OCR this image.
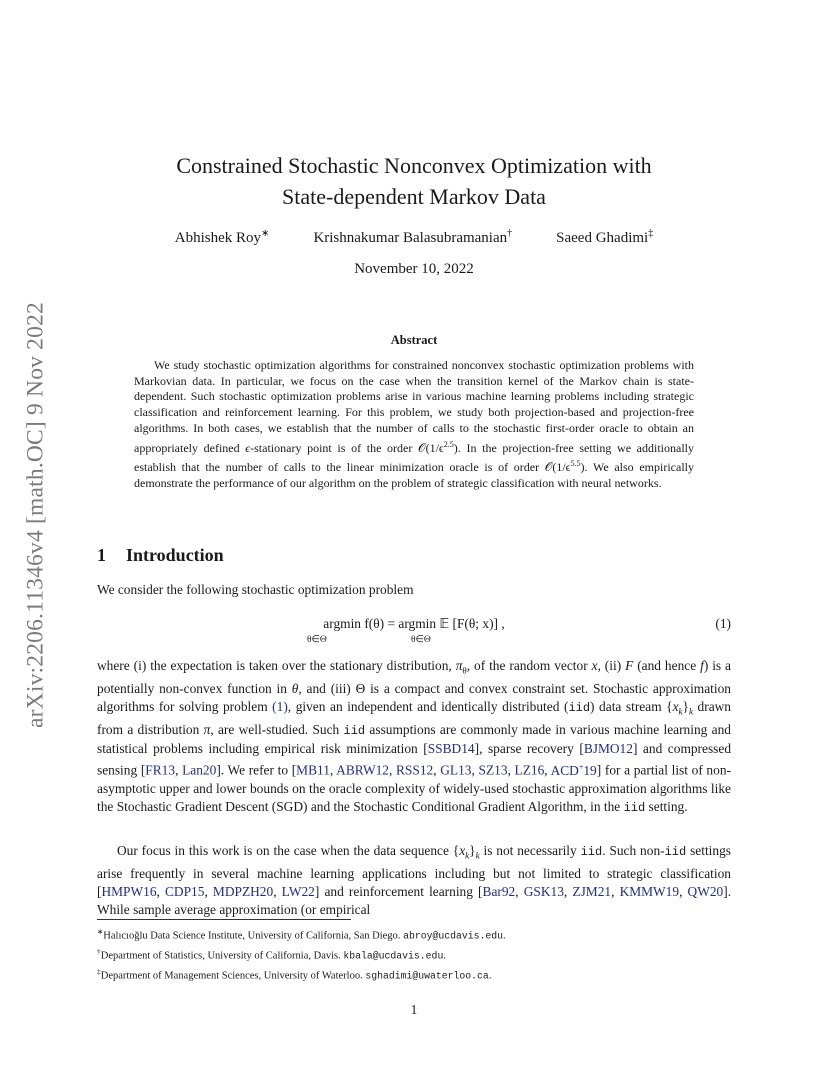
arXiv:2206.11346v4 [math.OC] 9 Nov 2022
Constrained Stochastic Nonconvex Optimization with
State-dependent Markov Data
Abhishek Roy∗	Krishnakumar Balasubramanian†	Saeed Ghadimi‡
November 10, 2022
Abstract

We study stochastic optimization algorithms for constrained nonconvex stochastic optimization problems with Markovian data. In particular, we focus on the case when the transition kernel of the Markov chain is state-dependent. Such stochastic optimization problems arise in various machine learning problems including strategic classification and reinforcement learning. For this problem, we study both projection-based and projection-free algorithms. In both cases, we establish that the number of calls to the stochastic first-order oracle to obtain an appropriately defined ϵ-stationary point is of the order $𝒪(1/\epsilon^{2.5})$. In the projection-free setting we additionally establish that the number of calls to the linear minimization oracle is of order $𝒪(1/\epsilon^{5.5})$. We also empirically demonstrate the performance of our algorithm on the problem of strategic classification with neural networks.

1 Introduction

We consider the following stochastic optimization problem

argmin f(θ) = argmin 𝔼 [F(θ; x)] ,
θ∈Θ	θ∈Θ
(1)

where (i) the expectation is taken over the stationary distribution, $\pi_\theta$, of the random vector x, (ii) F (and hence f) is a potentially non-convex function in θ, and (iii) Θ is a compact and convex constraint set. Stochastic approximation algorithms for solving problem (1), given an independent and identically distributed (iid) data stream $\{x_k\}_k$ drawn from a distribution π, are well-studied. Such iid assumptions are commonly made in various machine learning and statistical problems including empirical risk minimization [SSBD14], sparse recovery [BJMO12] and compressed sensing [FR13, Lan20]. We refer to [MB11, ABRW12, RSS12, GL13, SZ13, LZ16, ACD+19] for a partial list of non-asymptotic upper and lower bounds on the oracle complexity of widely-used stochastic approximation algorithms like the Stochastic Gradient Descent (SGD) and the Stochastic Conditional Gradient Algorithm, in the iid setting.

Our focus in this work is on the case when the data sequence $\{x_k\}_k$ is not necessarily iid. Such non-iid settings arise frequently in several machine learning applications including but not limited to strategic classification [HMPW16, CDP15, MDPZH20, LW22] and reinforcement learning [Bar92, GSK13, ZJM21, KMMW19, QW20]. While sample average approximation (or empirical

∗Halıcıoğlu Data Science Institute, University of California, San Diego. abroy@ucdavis.edu.
†Department of Statistics, University of California, Davis. kbala@ucdavis.edu.
‡Department of Management Sciences, University of Waterloo. sghadimi@uwaterloo.ca.
1
